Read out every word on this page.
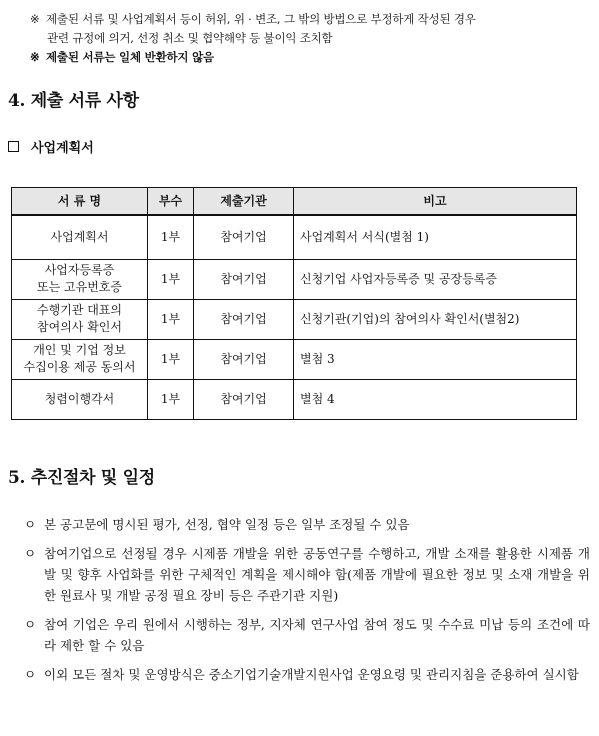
※ 제출된 서류 및 사업계획서 등이 허위, 위 · 변조, 그 밖의 방법으로 부정하게 작성된 경우
관련 규정에 의거, 선정 취소 및 협약해약 등 불이익 조치함
※ 제출된 서류는 일체 반환하지 않음
4. 제출 서류 사항
사업계획서
서 류 명	부수	제출기관	비고
사업계획서	1부	참여기업	사업계획서 서식(별첨 1)
사업자등록증
또는 고유번호증	1부	참여기업	신청기업 사업자등록증 및 공장등록증
수행기관 대표의
참여의사 확인서	1부	참여기업	신청기관(기업)의 참여의사 확인서(별첨2)
개인 및 기업 정보
수집이용 제공 동의서	1부	참여기업	별첨 3
청렴이행각서	1부	참여기업	별첨 4
5. 추진절차 및 일정
ㅇ 본 공고문에 명시된 평가, 선정, 협약 일정 등은 일부 조정될 수 있음
ㅇ 참여기업으로 선정될 경우 시제품 개발을 위한 공동연구를 수행하고, 개발 소재를 활용한 시제품 개발 및 향후 사업화를 위한 구체적인 계획을 제시해야 함(제품 개발에 필요한 정보 및 소재 개발을 위한 원료사 및 개발 공정 필요 장비 등은 주관기관 지원)
ㅇ 참여 기업은 우리 원에서 시행하는 정부, 지자체 연구사업 참여 정도 및 수수료 미납 등의 조건에 따라 제한 할 수 있음
ㅇ 이외 모든 절차 및 운영방식은 중소기업기술개발지원사업 운영요령 및 관리지침을 준용하여 실시함
